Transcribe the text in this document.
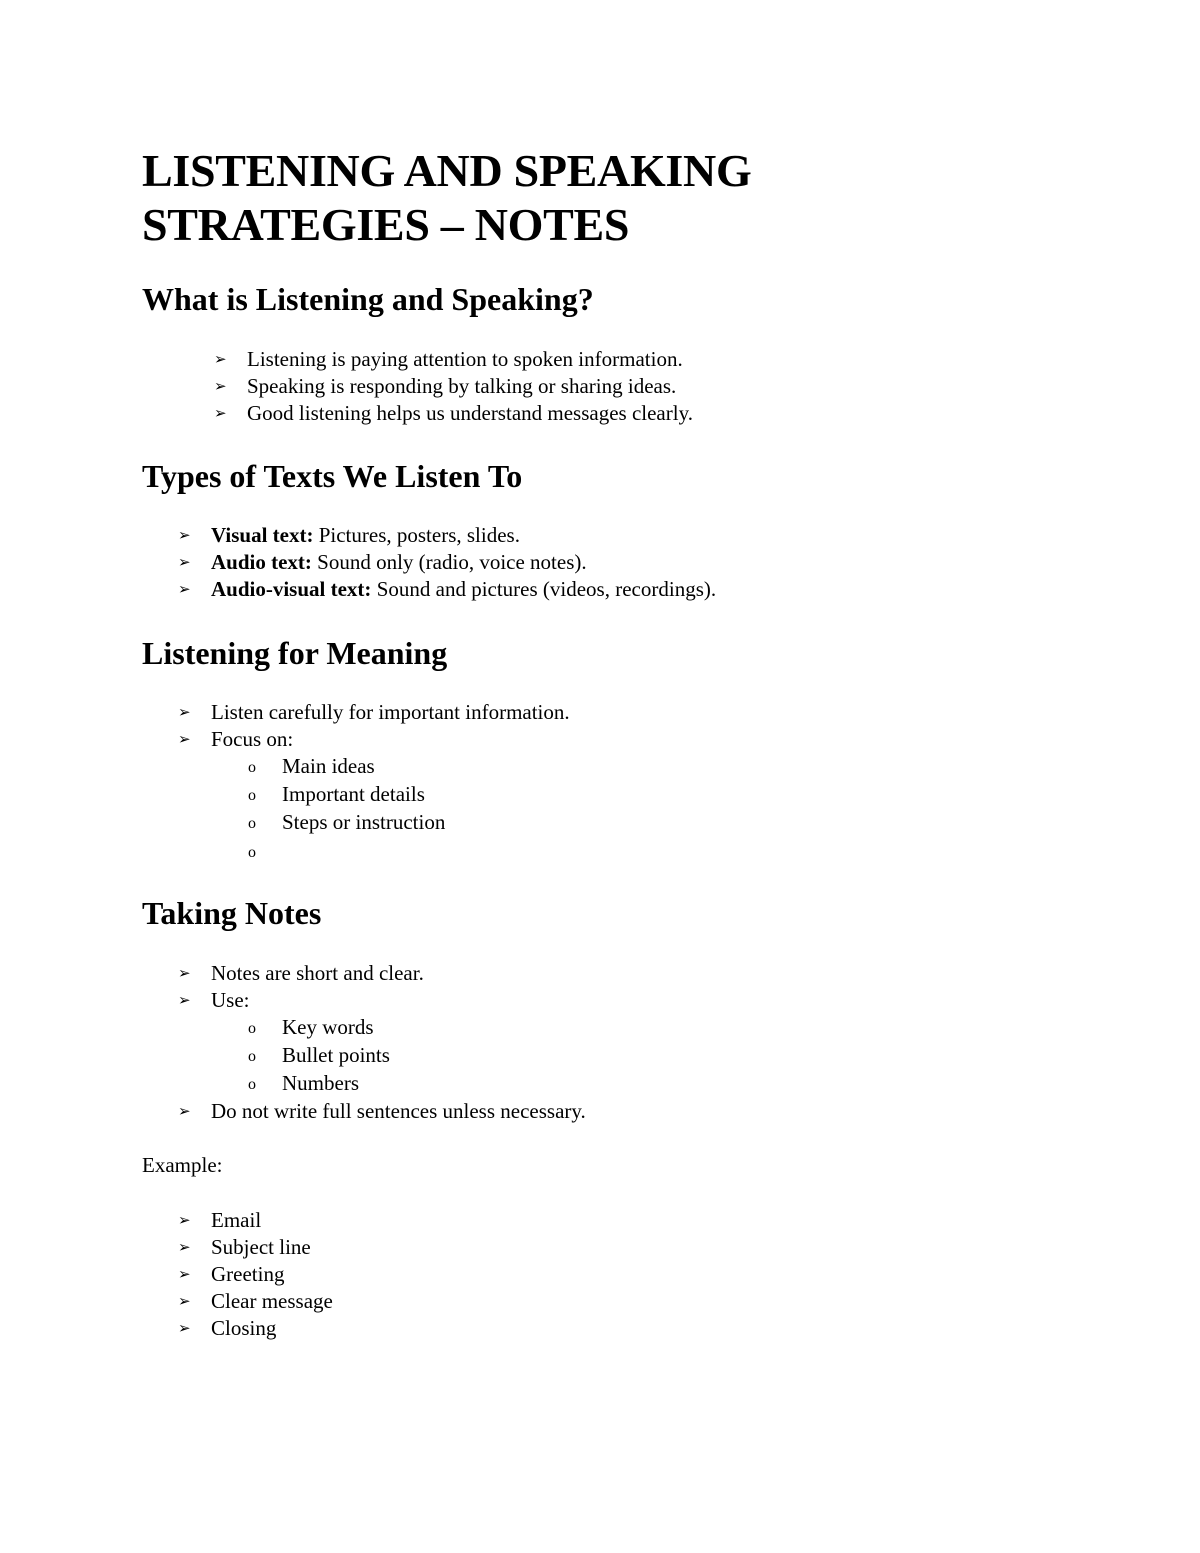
LISTENING AND SPEAKING
STRATEGIES – NOTES
What is Listening and Speaking?
➢ Listening is paying attention to spoken information.
➢ Speaking is responding by talking or sharing ideas.
➢ Good listening helps us understand messages clearly.
Types of Texts We Listen To
➢ Visual text: Pictures, posters, slides.
➢ Audio text: Sound only (radio, voice notes).
➢ Audio-visual text: Sound and pictures (videos, recordings).
Listening for Meaning
➢ Listen carefully for important information.
➢ Focus on:
o Main ideas
o Important details
o Steps or instruction
o
Taking Notes
➢ Notes are short and clear.
➢ Use:
o Key words
o Bullet points
o Numbers
➢ Do not write full sentences unless necessary.
Example:
➢ Email
➢ Subject line
➢ Greeting
➢ Clear message
➢ Closing
